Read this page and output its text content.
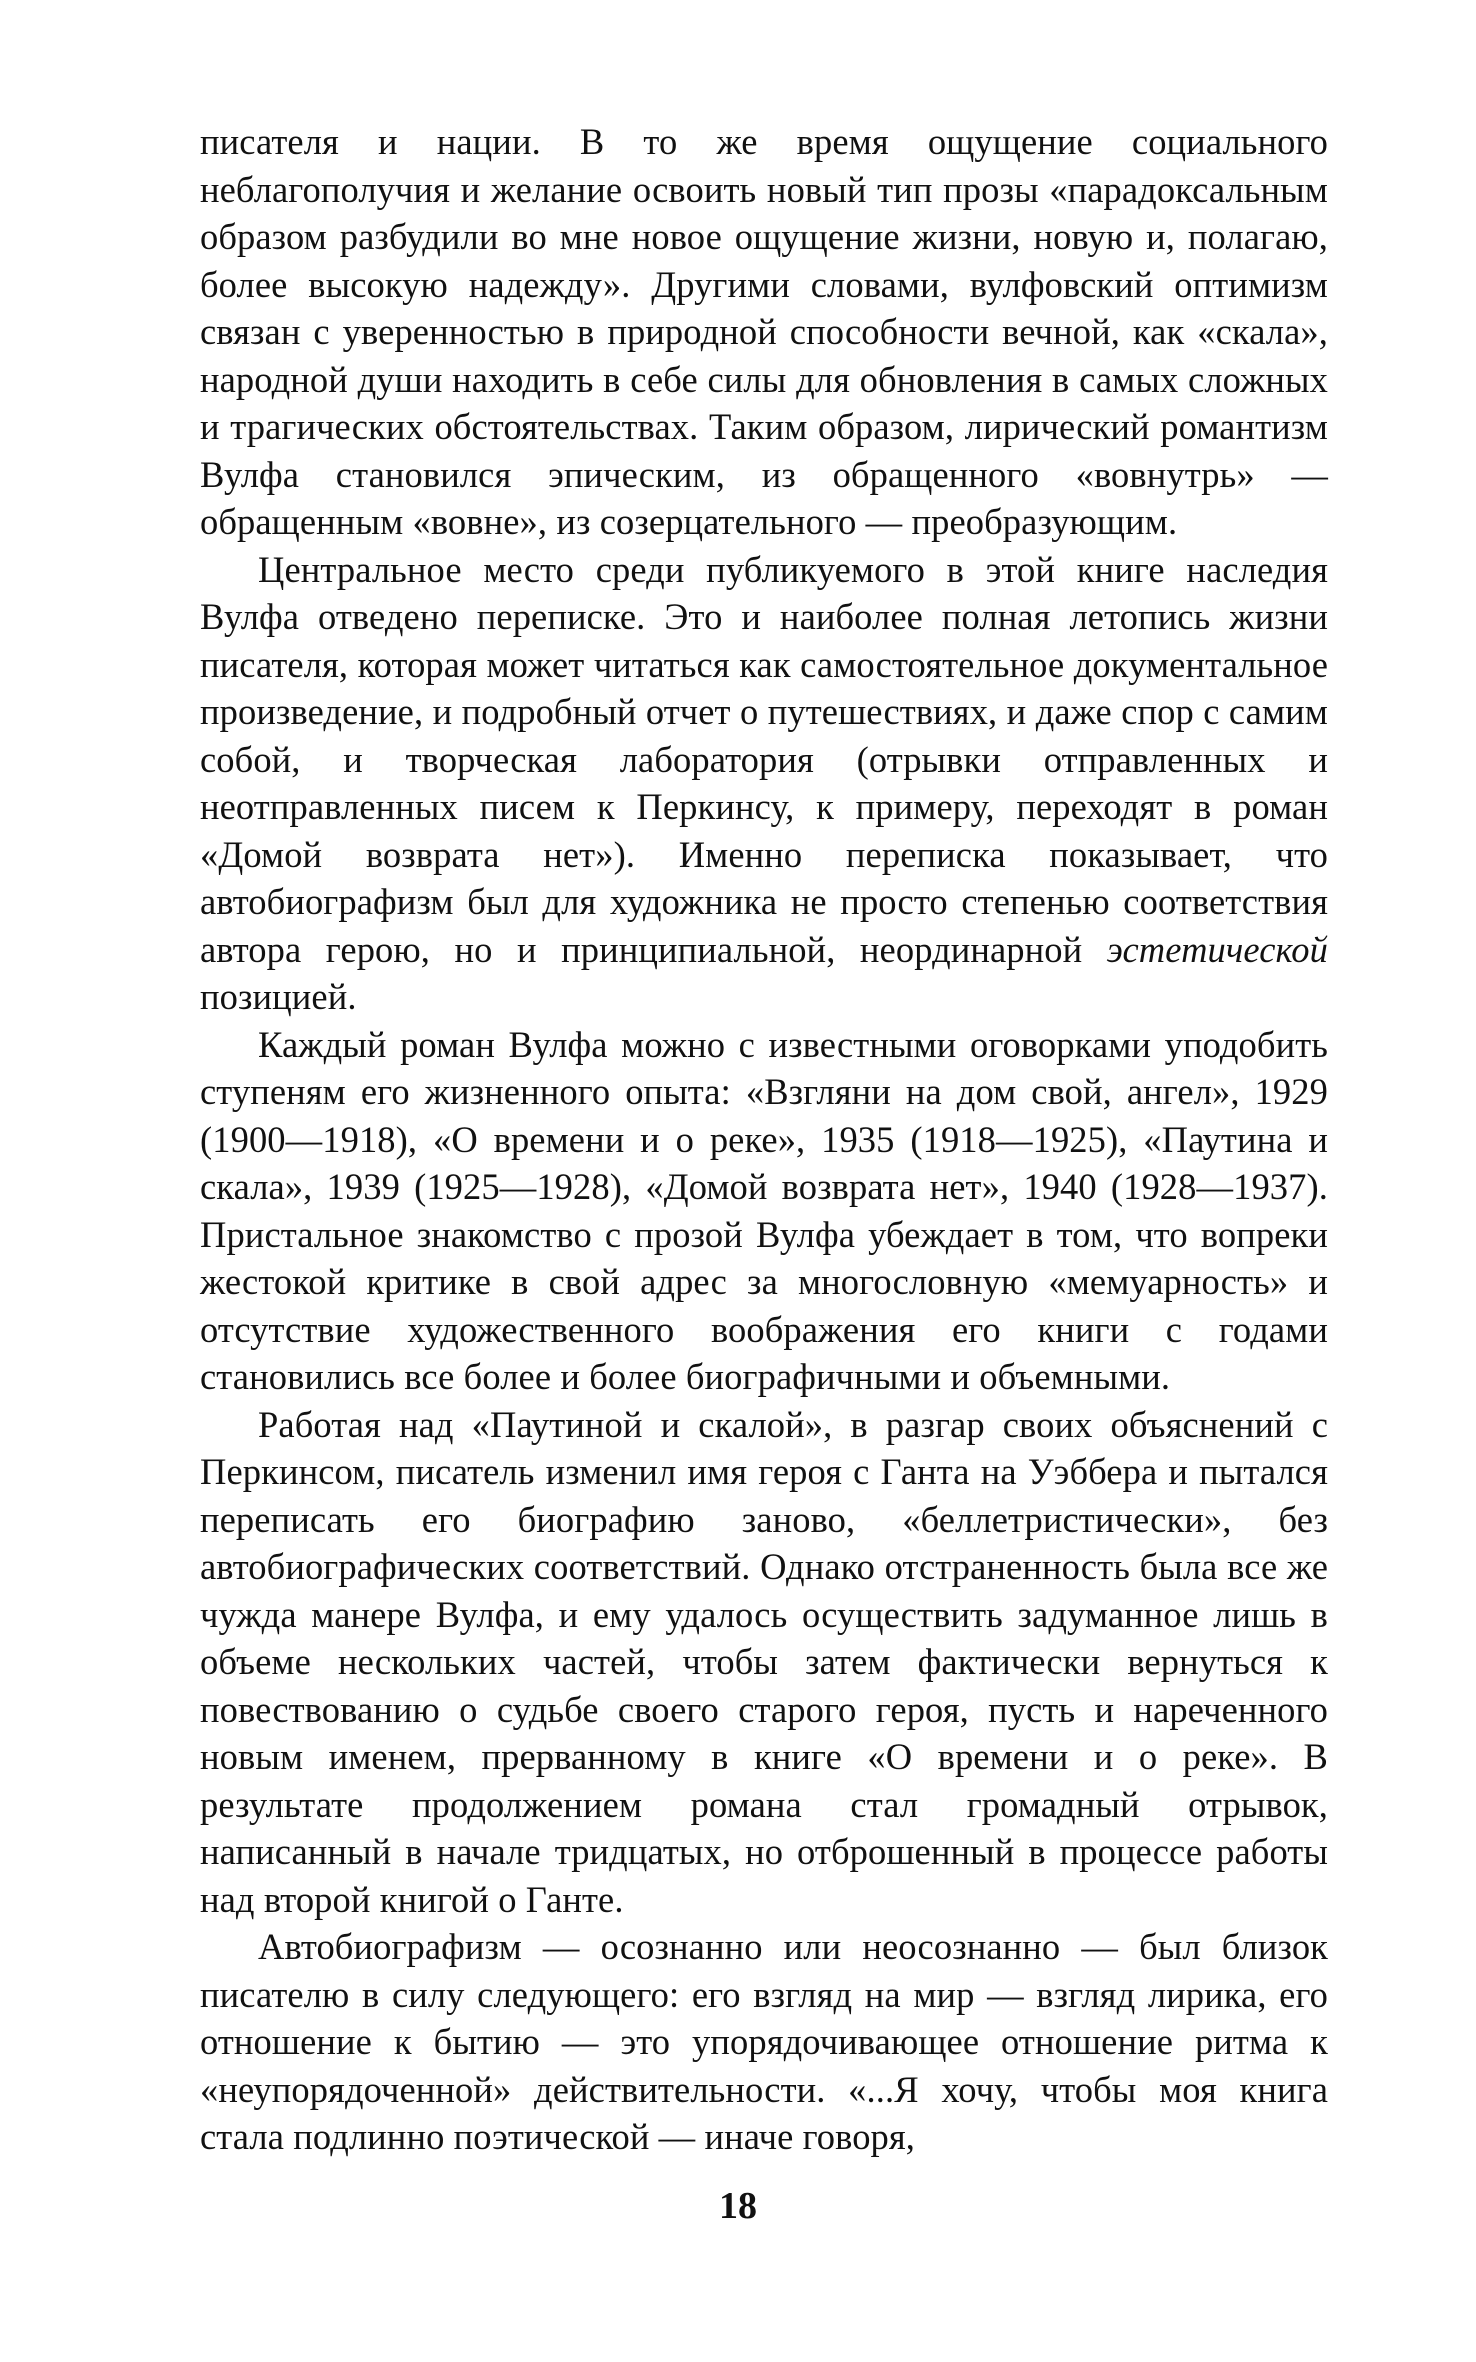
писателя и нации. В то же время ощущение социального неблагополучия и желание освоить новый тип прозы «парадоксальным образом разбудили во мне новое ощущение жизни, новую и, полагаю, более высокую надежду». Другими словами, вулфовский оптимизм связан с уверенностью в природной способности вечной, как «скала», народной души находить в себе силы для обновления в самых сложных и трагических обстоятельствах. Таким образом, лирический романтизм Вулфа становился эпическим, из обращенного «вовнутрь» — обращенным «вовне», из созерцательного — преобразующим.

Центральное место среди публикуемого в этой книге наследия Вулфа отведено переписке. Это и наиболее полная летопись жизни писателя, которая может читаться как самостоятельное документальное произведение, и подробный отчет о путешествиях, и даже спор с самим собой, и творческая лаборатория (отрывки отправленных и неотправленных писем к Перкинсу, к примеру, переходят в роман «Домой возврата нет»). Именно переписка показывает, что автобиографизм был для художника не просто степенью соответствия автора герою, но и принципиальной, неординарной эстетической позицией.

Каждый роман Вулфа можно с известными оговорками уподобить ступеням его жизненного опыта: «Взгляни на дом свой, ангел», 1929 (1900—1918), «О времени и о реке», 1935 (1918—1925), «Паутина и скала», 1939 (1925—1928), «Домой возврата нет», 1940 (1928—1937). Пристальное знакомство с прозой Вулфа убеждает в том, что вопреки жестокой критике в свой адрес за многословную «мемуарность» и отсутствие художественного воображения его книги с годами становились все более и более биографичными и объемными.

Работая над «Паутиной и скалой», в разгар своих объяснений с Перкинсом, писатель изменил имя героя с Ганта на Уэббера и пытался переписать его биографию заново, «беллетристически», без автобиографических соответствий. Однако отстраненность была все же чужда манере Вулфа, и ему удалось осуществить задуманное лишь в объеме нескольких частей, чтобы затем фактически вернуться к повествованию о судьбе своего старого героя, пусть и нареченного новым именем, прерванному в книге «О времени и о реке». В результате продолжением романа стал громадный отрывок, написанный в начале тридцатых, но отброшенный в процессе работы над второй книгой о Ганте.

Автобиографизм — осознанно или неосознанно — был близок писателю в силу следующего: его взгляд на мир — взгляд лирика, его отношение к бытию — это упорядочивающее отношение ритма к «неупорядоченной» действительности. «...Я хочу, чтобы моя книга стала подлинно поэтической — иначе говоря,

18
